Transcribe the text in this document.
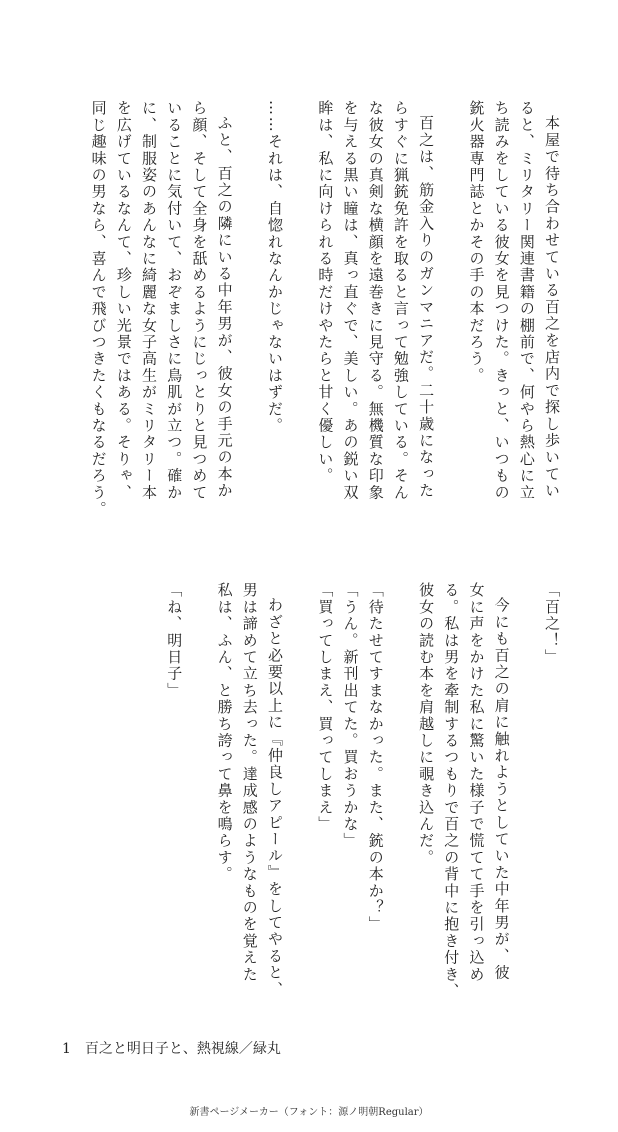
本屋で待ち合わせている百之を店内で探し歩いてい
ると、ミリタリー関連書籍の棚前で、何やら熱心に立
ち読みをしている彼女を見つけた。きっと、いつもの
銃火器専門誌とかその手の本だろう。
百之は、筋金入りのガンマニアだ。二十歳になった
らすぐに猟銃免許を取ると言って勉強している。そん
な彼女の真剣な横顔を遠巻きに見守る。無機質な印象
を与える黒い瞳は、真っ直ぐで、美しい。あの鋭い双
眸は、私に向けられる時だけやたらと甘く優しい。
……それは、自惚れなんかじゃないはずだ。
ふと、百之の隣にいる中年男が、彼女の手元の本か
ら顔、そして全身を舐めるようにじっとりと見つめて
いることに気付いて、おぞましさに鳥肌が立つ。確か
に、制服姿のあんなに綺麗な女子高生がミリタリー本
を広げているなんて、珍しい光景ではある。そりゃ、
同じ趣味の男なら、喜んで飛びつきたくもなるだろう。
「百之！」
今にも百之の肩に触れようとしていた中年男が、彼
女に声をかけた私に驚いた様子で慌てて手を引っ込め
る。私は男を牽制するつもりで百之の背中に抱き付き、
彼女の読む本を肩越しに覗き込んだ。
「待たせてすまなかった。また、銃の本か？」
「うん。新刊出てた。買おうかな」
「買ってしまえ、買ってしまえ」
わざと必要以上に『仲良しアピール』をしてやると、
男は諦めて立ち去った。達成感のようなものを覚えた
私は、ふん、と勝ち誇って鼻を鳴らす。
「ね、明日子」
1 百之と明日子と、熱視線／緑丸
新書ページメーカー（フォント：源ノ明朝Regular）
